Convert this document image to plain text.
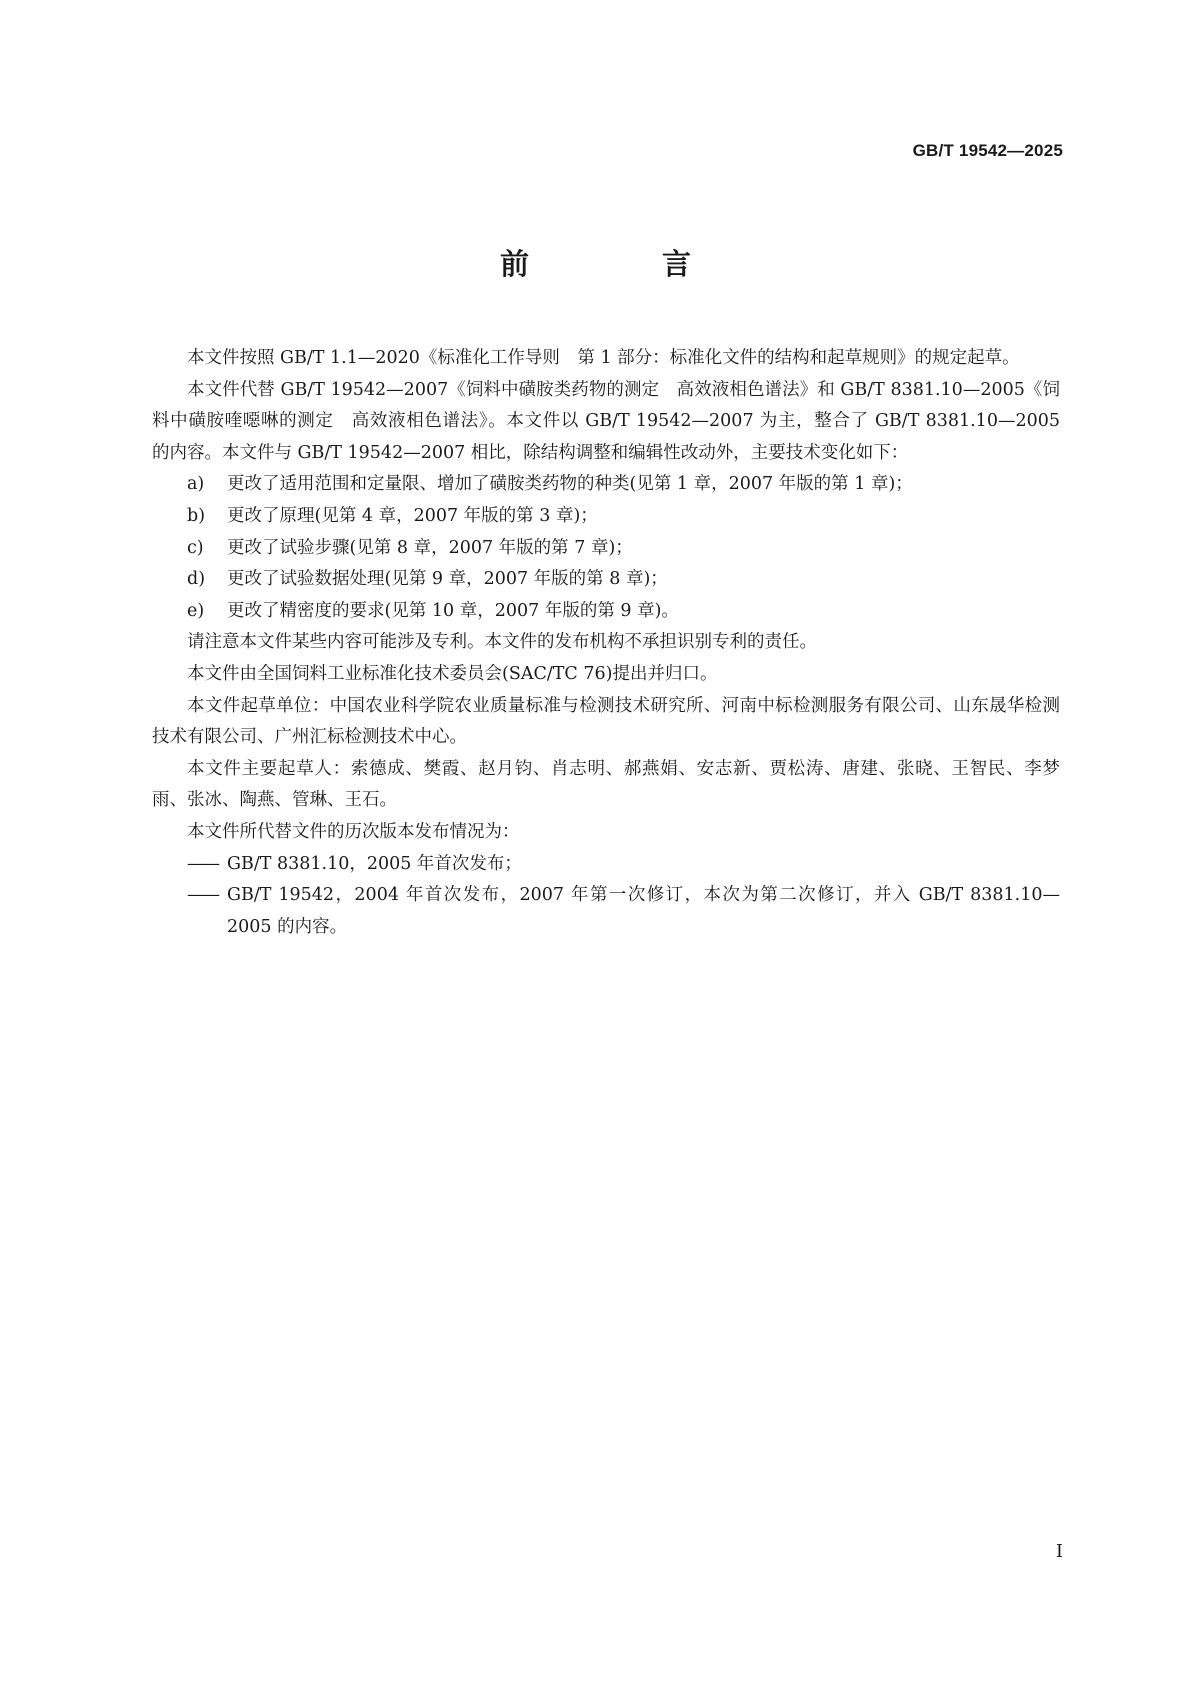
GB/T 19542—2025
前　言

本文件按照 GB/T 1.1—2020《标准化工作导则　第 1 部分：标准化文件的结构和起草规则》的规定起草。

本文件代替 GB/T 19542—2007《饲料中磺胺类药物的测定　高效液相色谱法》和 GB/T 8381.10—2005《饲料中磺胺喹噁啉的测定　高效液相色谱法》。本文件以 GB/T 19542—2007 为主，整合了 GB/T 8381.10—2005 的内容。本文件与 GB/T 19542—2007 相比，除结构调整和编辑性改动外，主要技术变化如下：

a)	更改了适用范围和定量限、增加了磺胺类药物的种类(见第 1 章，2007 年版的第 1 章)；
b)	更改了原理(见第 4 章，2007 年版的第 3 章)；
c)	更改了试验步骤(见第 8 章，2007 年版的第 7 章)；
d)	更改了试验数据处理(见第 9 章，2007 年版的第 8 章)；
e)	更改了精密度的要求(见第 10 章，2007 年版的第 9 章)。

请注意本文件某些内容可能涉及专利。本文件的发布机构不承担识别专利的责任。

本文件由全国饲料工业标准化技术委员会(SAC/TC 76)提出并归口。

本文件起草单位：中国农业科学院农业质量标准与检测技术研究所、河南中标检测服务有限公司、山东晟华检测技术有限公司、广州汇标检测技术中心。

本文件主要起草人：索德成、樊霞、赵月钧、肖志明、郝燕娟、安志新、贾松涛、唐建、张晓、王智民、李梦雨、张冰、陶燕、管琳、王石。

本文件所代替文件的历次版本发布情况为：

—— GB/T 8381.10，2005 年首次发布；
—— GB/T 19542，2004 年首次发布，2007 年第一次修订，本次为第二次修订，并入 GB/T 8381.10—2005 的内容。
I
